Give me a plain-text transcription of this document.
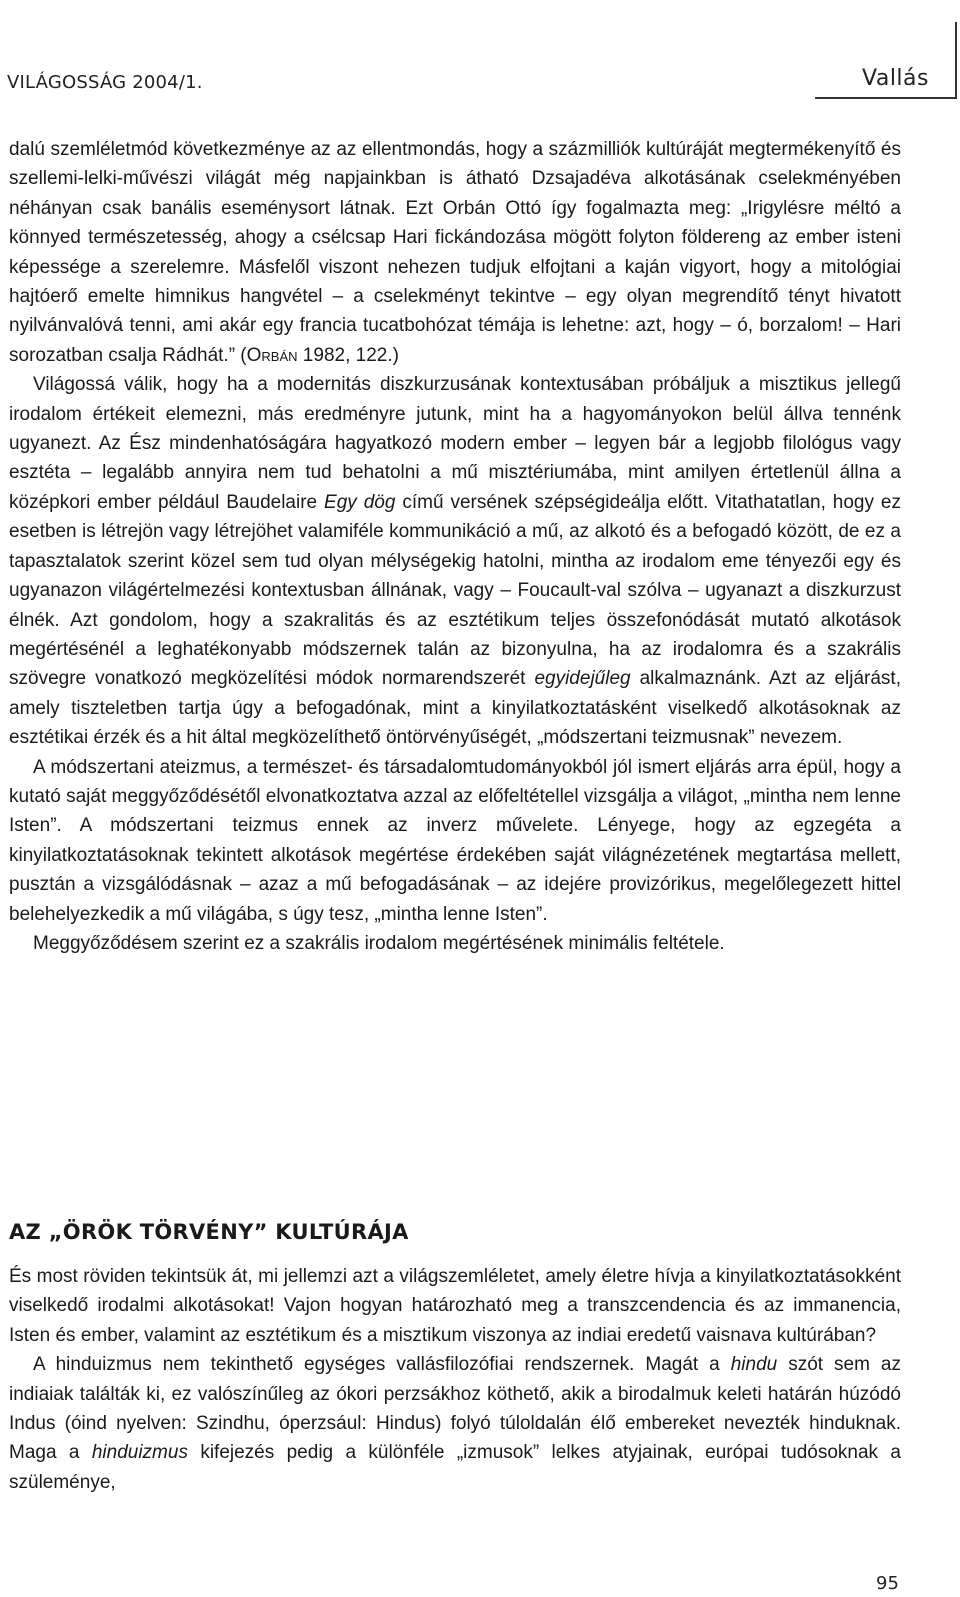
VILÁGOSSÁG 2004/1.	Vallás

dalú szemléletmód következménye az az ellentmondás, hogy a százmilliók kultúráját megtermékenyítő és szellemi-lelki-művészi világát még napjainkban is átható Dzsajadéva alkotásának cselekményében néhányan csak banális eseménysort látnak. Ezt Orbán Ottó így fogalmazta meg: „Irigylésre méltó a könnyed természetesség, ahogy a csélcsap Hari fickándozása mögött folyton földereng az ember isteni képessége a szerelemre. Másfelől viszont nehezen tudjuk elfojtani a kaján vigyort, hogy a mitológiai hajtóerő emelte himnikus hangvétel – a cselekményt tekintve – egy olyan megrendítő tényt hivatott nyilvánvalóvá tenni, ami akár egy francia tucatbohózat témája is lehetne: azt, hogy – ó, borzalom! – Hari sorozatban csalja Rádhát.” (Orbán 1982, 122.)

Világossá válik, hogy ha a modernitás diszkurzusának kontextusában próbáljuk a misztikus jellegű irodalom értékeit elemezni, más eredményre jutunk, mint ha a hagyományokon belül állva tennénk ugyanezt. Az Ész mindenhatóságára hagyatkozó modern ember – legyen bár a legjobb filológus vagy esztéta – legalább annyira nem tud behatolni a mű misztériumába, mint amilyen értetlenül állna a középkori ember például Baudelaire Egy dög című versének szépségideálja előtt. Vitathatatlan, hogy ez esetben is létrejön vagy létrejöhet valamiféle kommunikáció a mű, az alkotó és a befogadó között, de ez a tapasztalatok szerint közel sem tud olyan mélységekig hatolni, mintha az irodalom eme tényezői egy és ugyanazon világértelmezési kontextusban állnának, vagy – Foucault-val szólva – ugyanazt a diszkurzust élnék. Azt gondolom, hogy a szakralitás és az esztétikum teljes összefonódását mutató alkotások megértésénél a leghatékonyabb módszernek talán az bizonyulna, ha az irodalomra és a szakrális szövegre vonatkozó megközelítési módok normarendszerét egyidejűleg alkalmaznánk. Azt az eljárást, amely tiszteletben tartja úgy a befogadónak, mint a kinyilatkoztatásként viselkedő alkotásoknak az esztétikai érzék és a hit által megközelíthető öntörvényűségét, „módszertani teizmusnak” nevezem.

A módszertani ateizmus, a természet- és társadalomtudományokból jól ismert eljárás arra épül, hogy a kutató saját meggyőződésétől elvonatkoztatva azzal az előfeltétellel vizsgálja a világot, „mintha nem lenne Isten”. A módszertani teizmus ennek az inverz művelete. Lényege, hogy az egzegéta a kinyilatkoztatásoknak tekintett alkotások megértése érdekében saját világnézetének megtartása mellett, pusztán a vizsgálódásnak – azaz a mű befogadásának – az idejére provizórikus, megelőlegezett hittel belehelyezkedik a mű világába, s úgy tesz, „mintha lenne Isten”.

Meggyőződésem szerint ez a szakrális irodalom megértésének minimális feltétele.

AZ „ÖRÖK TÖRVÉNY” KULTÚRÁJA

És most röviden tekintsük át, mi jellemzi azt a világszemléletet, amely életre hívja a kinyilatkoztatásokként viselkedő irodalmi alkotásokat! Vajon hogyan határozható meg a transzcendencia és az immanencia, Isten és ember, valamint az esztétikum és a misztikum viszonya az indiai eredetű vaisnava kultúrában?

A hinduizmus nem tekinthető egységes vallásfilozófiai rendszernek. Magát a hindu szót sem az indiaiak találták ki, ez valószínűleg az ókori perzsákhoz köthető, akik a birodalmuk keleti határán húzódó Indus (óind nyelven: Szindhu, óperzsául: Hindus) folyó túloldalán élő embereket nevezték hinduknak. Maga a hinduizmus kifejezés pedig a különféle „izmusok” lelkes atyjainak, európai tudósoknak a szüleménye,

95
